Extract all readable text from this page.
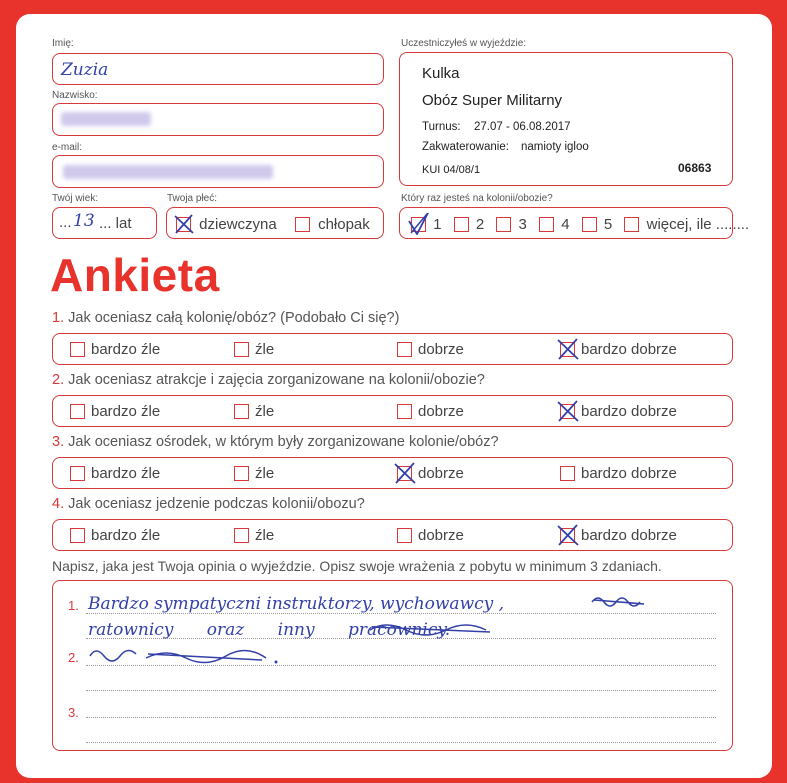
Imię:
Zuzia
Nazwisko:
e-mail:
Twój wiek:
... 13 ... lat
Twoja płeć:
dziewczyna	chłopak
Uczestniczyłeś w wyjeździe:
Kulka
Obóz Super Militarny
Turnus: 27.07 - 06.08.2017
Zakwaterowanie: namioty igloo
KUI 04/08/1	06863
Który raz jesteś na kolonii/obozie?
1 2 3 4 5 więcej, ile ........
Ankieta
1. Jak oceniasz całą kolonię/obóz? (Podobało Ci się?)
bardzo źle	źle	dobrze	bardzo dobrze
2. Jak oceniasz atrakcje i zajęcia zorganizowane na kolonii/obozie?
bardzo źle	źle	dobrze	bardzo dobrze
3. Jak oceniasz ośrodek, w którym były zorganizowane kolonie/obóz?
bardzo źle	źle	dobrze	bardzo dobrze
4. Jak oceniasz jedzenie podczas kolonii/obozu?
bardzo źle	źle	dobrze	bardzo dobrze
Napisz, jaka jest Twoja opinia o wyjeździe. Opisz swoje wrażenia z pobytu w minimum 3 zdaniach.
1.
2.
3.
Bardzo sympatyczni instruktorzy, wychowawcy ,
ratownicy oraz inny pracownicy.
